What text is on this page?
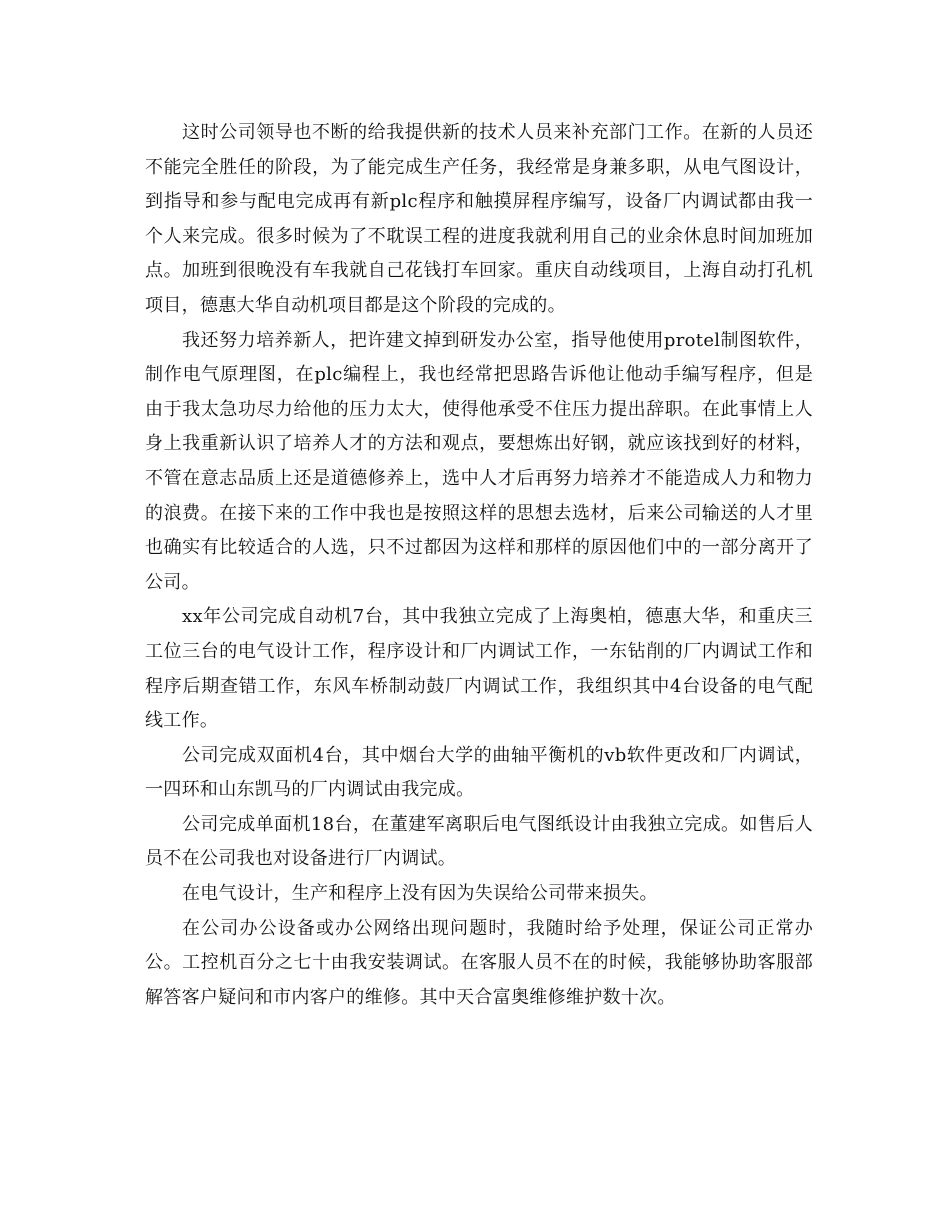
这时公司领导也不断的给我提供新的技术人员来补充部门工作。在新的人员还不能完全胜任的阶段，为了能完成生产任务，我经常是身兼多职，从电气图设计，到指导和参与配电完成再有新plc程序和触摸屏程序编写，设备厂内调试都由我一个人来完成。很多时候为了不耽误工程的进度我就利用自己的业余休息时间加班加点。加班到很晚没有车我就自己花钱打车回家。重庆自动线项目，上海自动打孔机项目，德惠大华自动机项目都是这个阶段的完成的。

我还努力培养新人，把许建文掉到研发办公室，指导他使用protel制图软件，制作电气原理图，在plc编程上，我也经常把思路告诉他让他动手编写程序，但是由于我太急功尽力给他的压力太大，使得他承受不住压力提出辞职。在此事情上人身上我重新认识了培养人才的方法和观点，要想炼出好钢，就应该找到好的材料，不管在意志品质上还是道德修养上，选中人才后再努力培养才不能造成人力和物力的浪费。在接下来的工作中我也是按照这样的思想去选材，后来公司输送的人才里也确实有比较适合的人选，只不过都因为这样和那样的原因他们中的一部分离开了公司。

xx年公司完成自动机7台，其中我独立完成了上海奥柏，德惠大华，和重庆三工位三台的电气设计工作，程序设计和厂内调试工作，一东钻削的厂内调试工作和程序后期查错工作，东风车桥制动鼓厂内调试工作，我组织其中4台设备的电气配线工作。

公司完成双面机4台，其中烟台大学的曲轴平衡机的vb软件更改和厂内调试，一四环和山东凯马的厂内调试由我完成。

公司完成单面机18台，在董建军离职后电气图纸设计由我独立完成。如售后人员不在公司我也对设备进行厂内调试。

在电气设计，生产和程序上没有因为失误给公司带来损失。

在公司办公设备或办公网络出现问题时，我随时给予处理，保证公司正常办公。工控机百分之七十由我安装调试。在客服人员不在的时候，我能够协助客服部解答客户疑问和市内客户的维修。其中天合富奥维修维护数十次。
